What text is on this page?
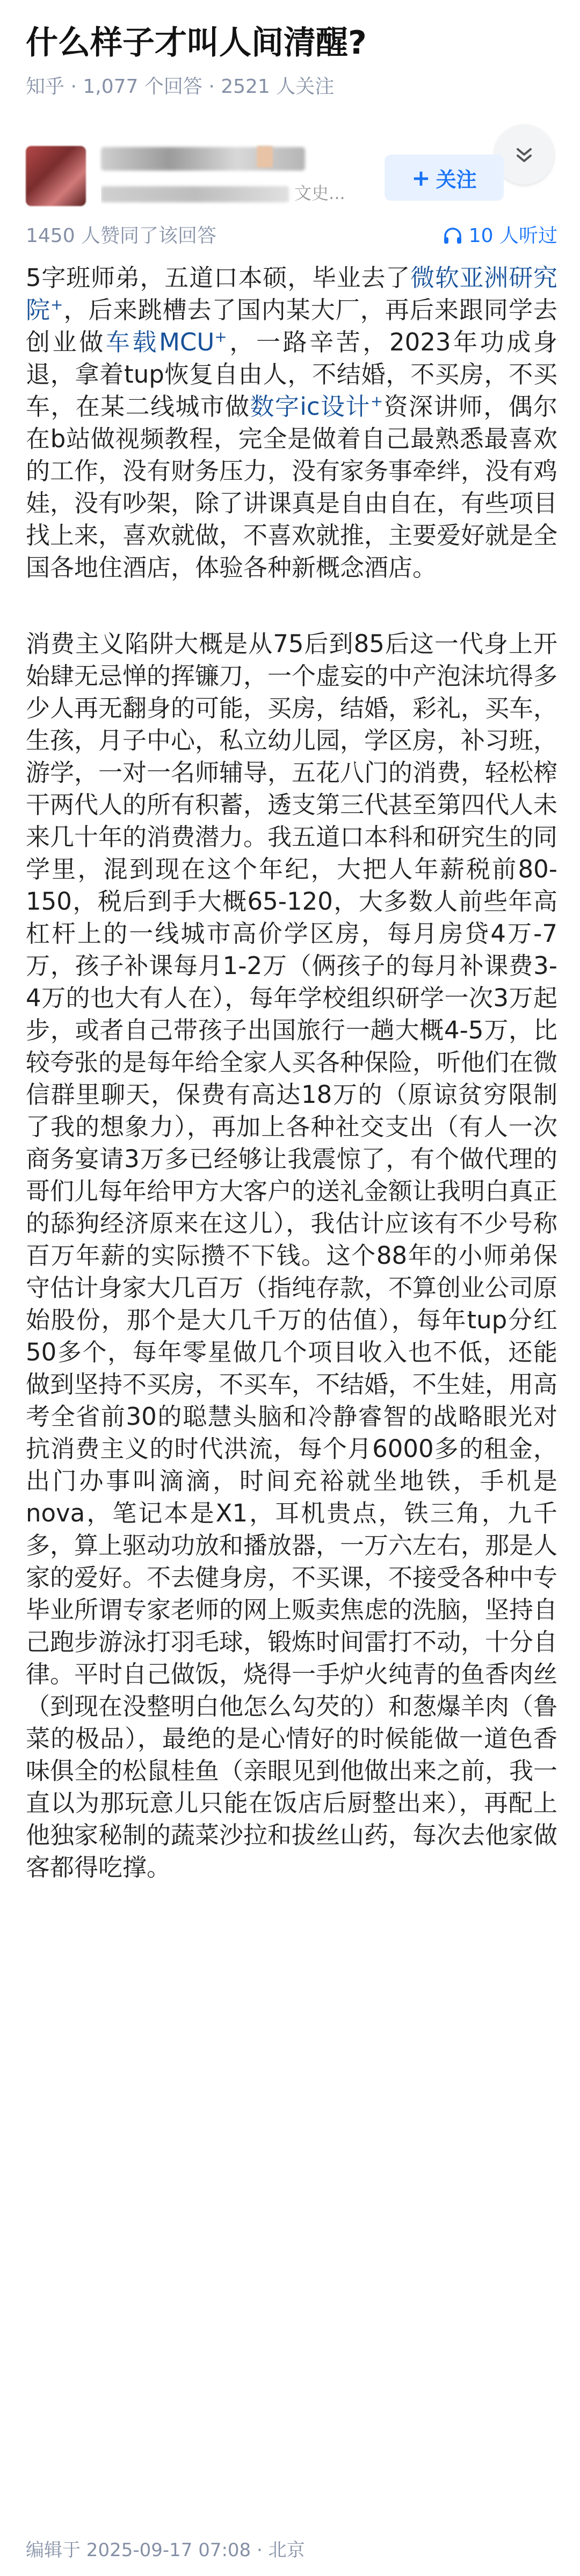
什么样子才叫人间清醒?
知乎 · 1,077 个回答 · 2521 人关注
文史...
+ 关注
1450 人赞同了该回答	10 人听过

5字班师弟，五道口本硕，毕业去了微软亚洲研究院+，后来跳槽去了国内某大厂，再后来跟同学去创业做车载MCU+，一路辛苦，2023年功成身退，拿着tup恢复自由人，不结婚，不买房，不买车，在某二线城市做数字ic设计+资深讲师，偶尔在b站做视频教程，完全是做着自己最熟悉最喜欢的工作，没有财务压力，没有家务事牵绊，没有鸡娃，没有吵架，除了讲课真是自由自在，有些项目找上来，喜欢就做，不喜欢就推，主要爱好就是全国各地住酒店，体验各种新概念酒店。

消费主义陷阱大概是从75后到85后这一代身上开始肆无忌惮的挥镰刀，一个虚妄的中产泡沫坑得多少人再无翻身的可能，买房，结婚，彩礼，买车，生孩，月子中心，私立幼儿园，学区房，补习班，游学，一对一名师辅导，五花八门的消费，轻松榨干两代人的所有积蓄，透支第三代甚至第四代人未来几十年的消费潜力。我五道口本科和研究生的同学里，混到现在这个年纪，大把人年薪税前80-150，税后到手大概65-120，大多数人前些年高杠杆上的一线城市高价学区房，每月房贷4万-7万，孩子补课每月1-2万（俩孩子的每月补课费3-4万的也大有人在），每年学校组织研学一次3万起步，或者自己带孩子出国旅行一趟大概4-5万，比较夸张的是每年给全家人买各种保险，听他们在微信群里聊天，保费有高达18万的（原谅贫穷限制了我的想象力），再加上各种社交支出（有人一次商务宴请3万多已经够让我震惊了，有个做代理的哥们儿每年给甲方大客户的送礼金额让我明白真正的舔狗经济原来在这儿），我估计应该有不少号称百万年薪的实际攒不下钱。这个88年的小师弟保守估计身家大几百万（指纯存款，不算创业公司原始股份，那个是大几千万的估值），每年tup分红50多个，每年零星做几个项目收入也不低，还能做到坚持不买房，不买车，不结婚，不生娃，用高考全省前30的聪慧头脑和冷静睿智的战略眼光对抗消费主义的时代洪流，每个月6000多的租金，出门办事叫滴滴，时间充裕就坐地铁，手机是nova，笔记本是X1，耳机贵点，铁三角，九千多，算上驱动功放和播放器，一万六左右，那是人家的爱好。不去健身房，不买课，不接受各种中专毕业所谓专家老师的网上贩卖焦虑的洗脑，坚持自己跑步游泳打羽毛球，锻炼时间雷打不动，十分自律。平时自己做饭，烧得一手炉火纯青的鱼香肉丝（到现在没整明白他怎么勾芡的）和葱爆羊肉（鲁菜的极品），最绝的是心情好的时候能做一道色香味俱全的松鼠桂鱼（亲眼见到他做出来之前，我一直以为那玩意儿只能在饭店后厨整出来），再配上他独家秘制的蔬菜沙拉和拔丝山药，每次去他家做客都得吃撑。

编辑于 2025-09-17 07:08 · 北京
